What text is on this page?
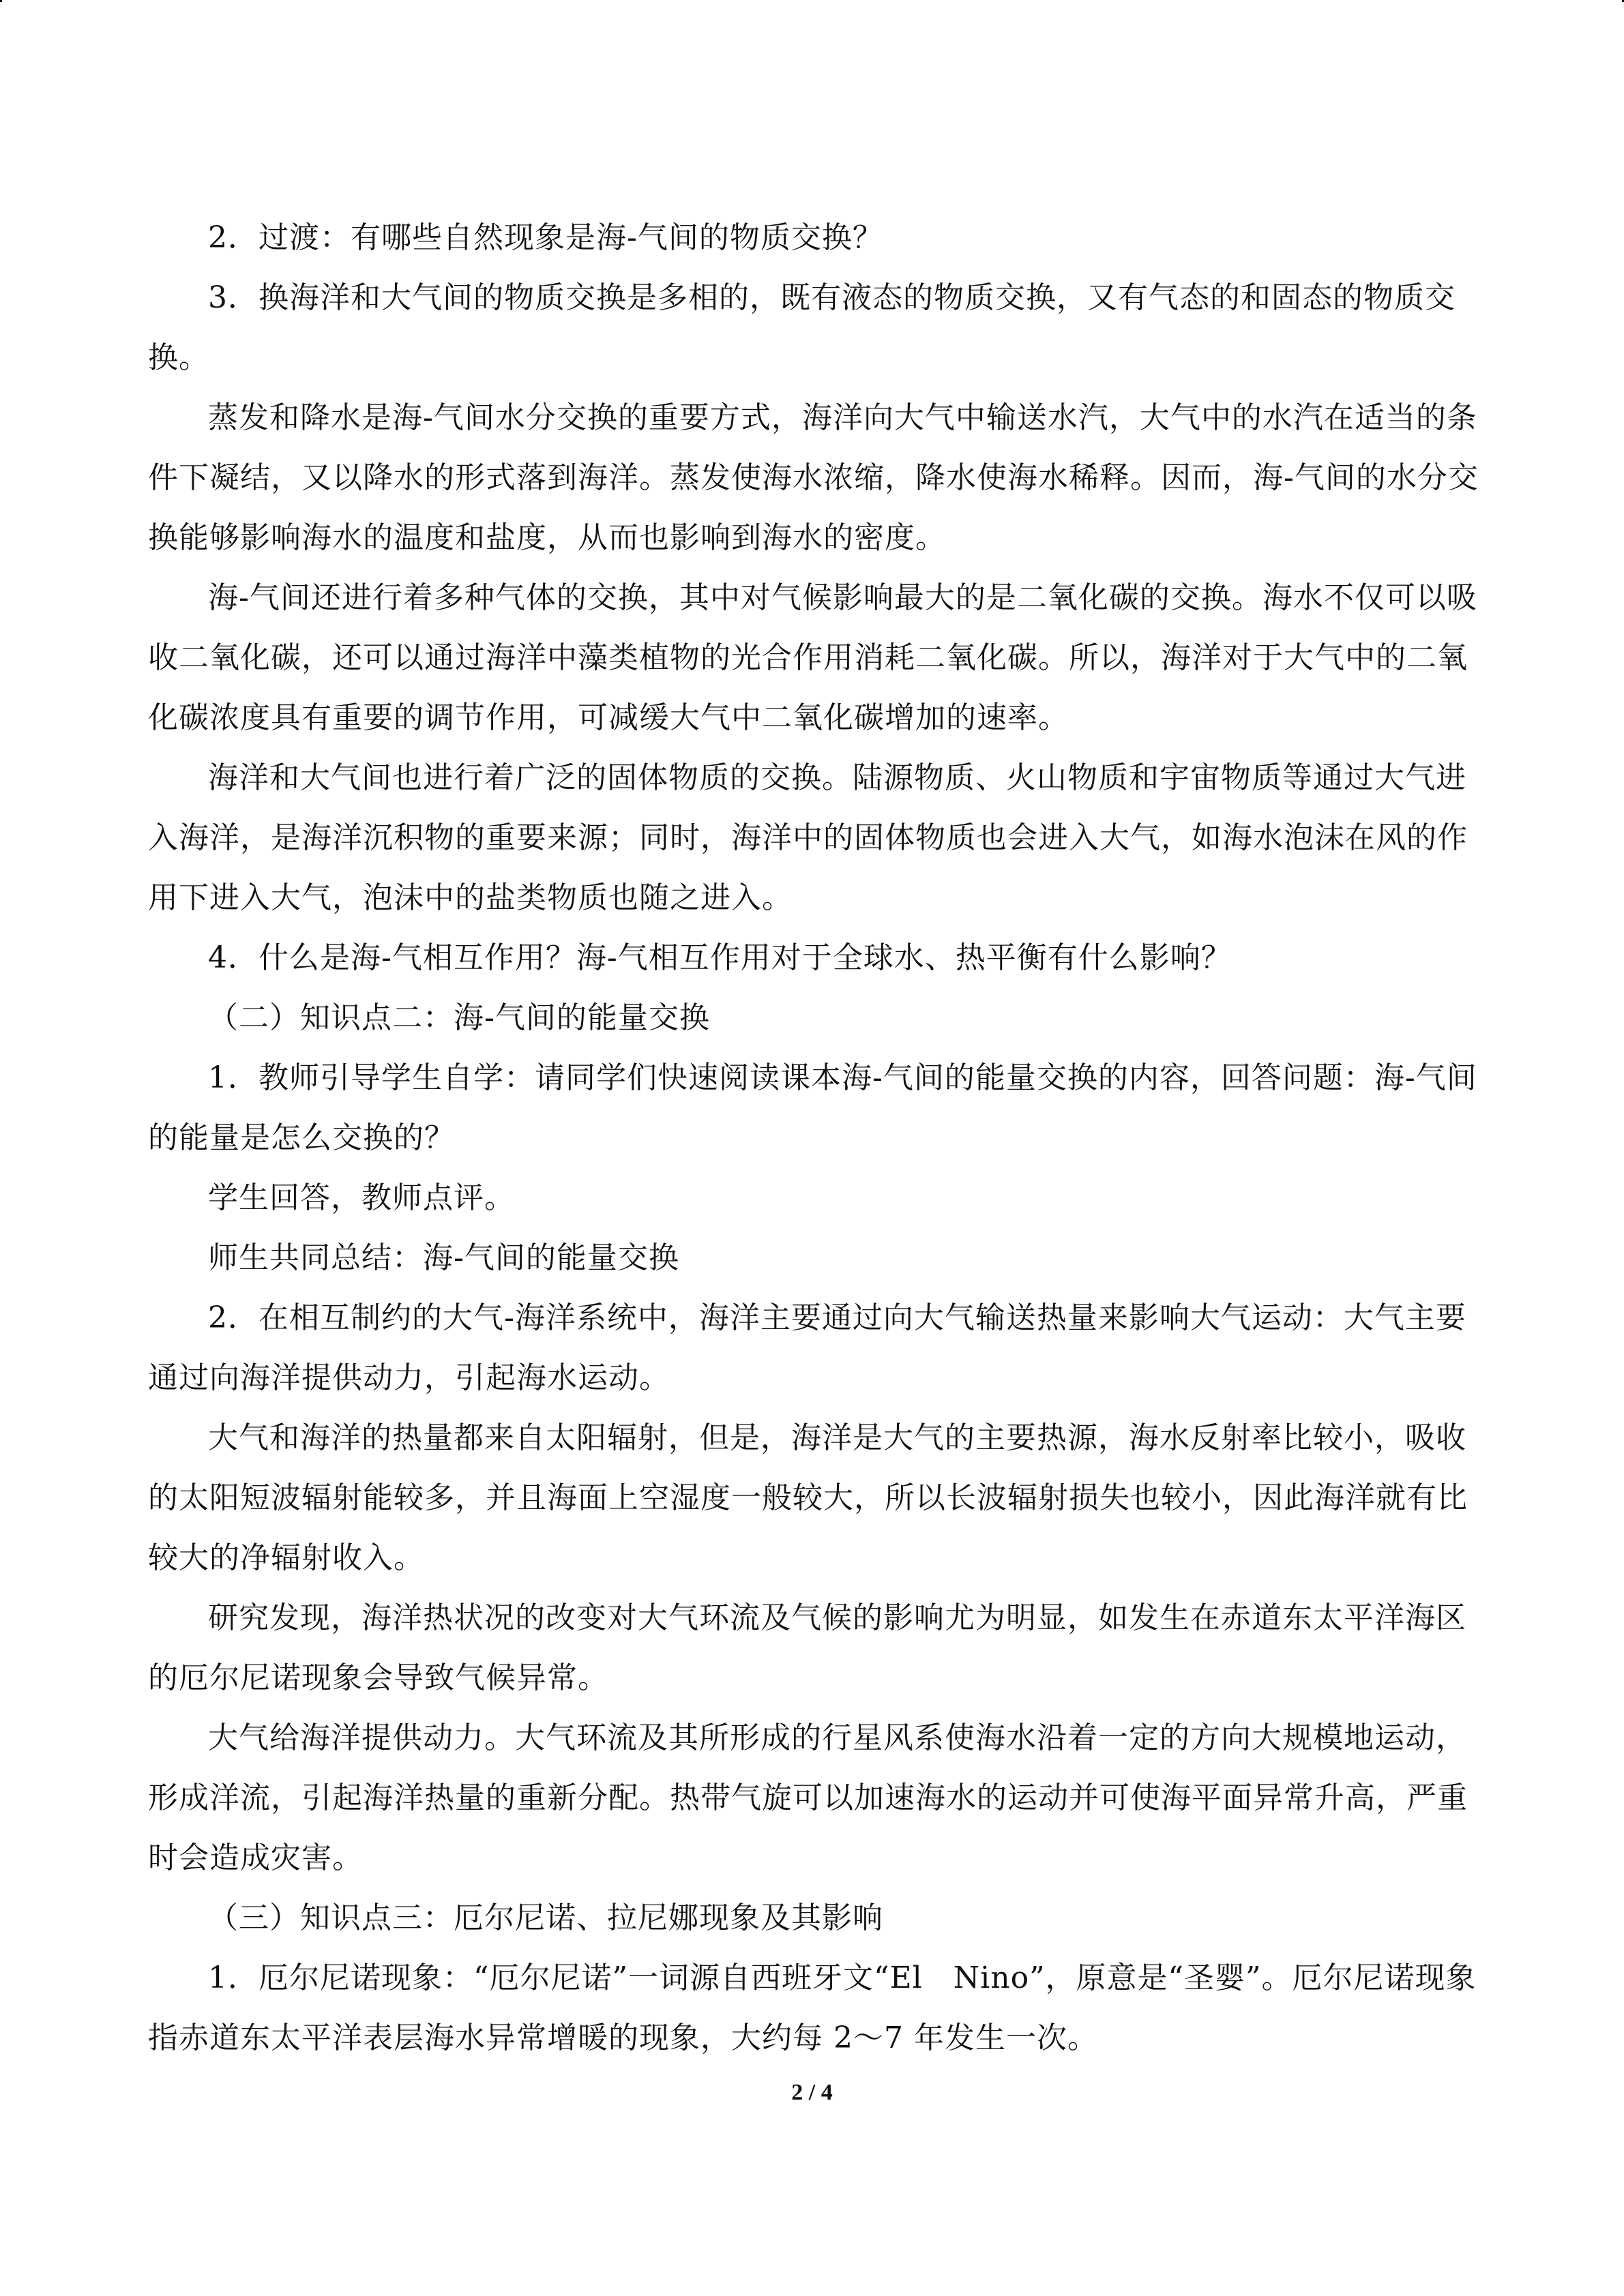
2．过渡：有哪些自然现象是海-气间的物质交换？

3．换海洋和大气间的物质交换是多相的，既有液态的物质交换，又有气态的和固态的物质交换。

蒸发和降水是海-气间水分交换的重要方式，海洋向大气中输送水汽，大气中的水汽在适当的条件下凝结，又以降水的形式落到海洋。蒸发使海水浓缩，降水使海水稀释。因而，海-气间的水分交换能够影响海水的温度和盐度，从而也影响到海水的密度。

海-气间还进行着多种气体的交换，其中对气候影响最大的是二氧化碳的交换。海水不仅可以吸收二氧化碳，还可以通过海洋中藻类植物的光合作用消耗二氧化碳。所以，海洋对于大气中的二氧化碳浓度具有重要的调节作用，可减缓大气中二氧化碳增加的速率。

海洋和大气间也进行着广泛的固体物质的交换。陆源物质、火山物质和宇宙物质等通过大气进入海洋，是海洋沉积物的重要来源；同时，海洋中的固体物质也会进入大气，如海水泡沫在风的作用下进入大气，泡沫中的盐类物质也随之进入。

4．什么是海-气相互作用？海-气相互作用对于全球水、热平衡有什么影响？

（二）知识点二：海-气间的能量交换

1．教师引导学生自学：请同学们快速阅读课本海-气间的能量交换的内容，回答问题：海-气间的能量是怎么交换的？

学生回答，教师点评。

师生共同总结：海-气间的能量交换

2．在相互制约的大气-海洋系统中，海洋主要通过向大气输送热量来影响大气运动：大气主要通过向海洋提供动力，引起海水运动。

大气和海洋的热量都来自太阳辐射，但是，海洋是大气的主要热源，海水反射率比较小，吸收的太阳短波辐射能较多，并且海面上空湿度一般较大，所以长波辐射损失也较小，因此海洋就有比较大的净辐射收入。

研究发现，海洋热状况的改变对大气环流及气候的影响尤为明显，如发生在赤道东太平洋海区的厄尔尼诺现象会导致气候异常。

大气给海洋提供动力。大气环流及其所形成的行星风系使海水沿着一定的方向大规模地运动，形成洋流，引起海洋热量的重新分配。热带气旋可以加速海水的运动并可使海平面异常升高，严重时会造成灾害。

（三）知识点三：厄尔尼诺、拉尼娜现象及其影响

1．厄尔尼诺现象：“厄尔尼诺”一词源自西班牙文“El　Nino”，原意是“圣婴”。厄尔尼诺现象指赤道东太平洋表层海水异常增暖的现象，大约每 2～7 年发生一次。

2 / 4
